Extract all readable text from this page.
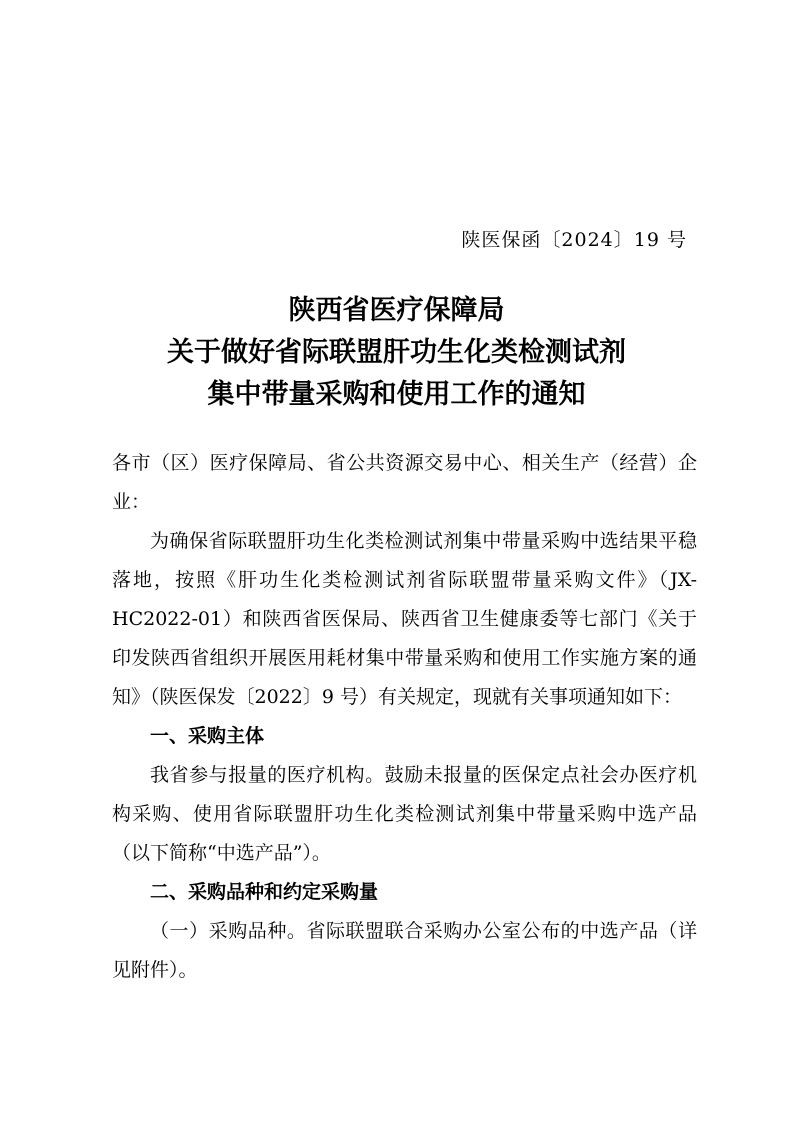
陕医保函〔2024〕19 号
陕西省医疗保障局
关于做好省际联盟肝功生化类检测试剂
集中带量采购和使用工作的通知

各市（区）医疗保障局、省公共资源交易中心、相关生产（经营）企业：

为确保省际联盟肝功生化类检测试剂集中带量采购中选结果平稳落地，按照《肝功生化类检测试剂省际联盟带量采购文件》（JX-HC2022-01）和陕西省医保局、陕西省卫生健康委等七部门《关于印发陕西省组织开展医用耗材集中带量采购和使用工作实施方案的通知》（陕医保发〔2022〕9 号）有关规定，现就有关事项通知如下：

一、采购主体

我省参与报量的医疗机构。鼓励未报量的医保定点社会办医疗机构采购、使用省际联盟肝功生化类检测试剂集中带量采购中选产品（以下简称“中选产品”）。

二、采购品种和约定采购量

（一）采购品种。省际联盟联合采购办公室公布的中选产品（详见附件）。
